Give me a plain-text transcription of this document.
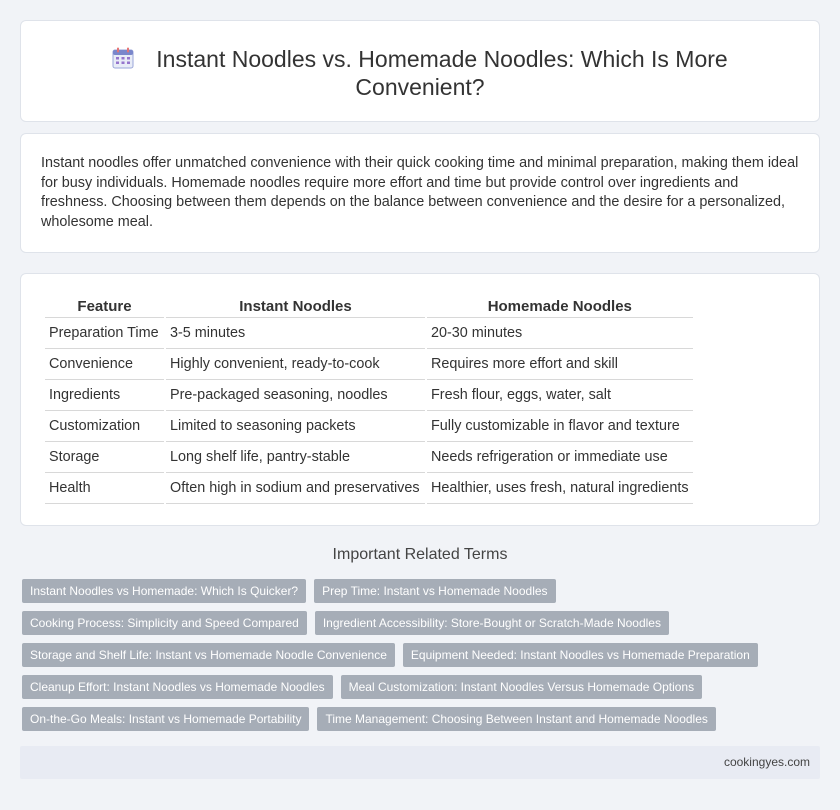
Instant Noodles vs. Homemade Noodles: Which Is More Convenient?

Instant noodles offer unmatched convenience with their quick cooking time and minimal preparation, making them ideal for busy individuals. Homemade noodles require more effort and time but provide control over ingredients and freshness. Choosing between them depends on the balance between convenience and the desire for a personalized, wholesome meal.

Feature	Instant Noodles	Homemade Noodles
Preparation Time	3-5 minutes	20-30 minutes
Convenience	Highly convenient, ready-to-cook	Requires more effort and skill
Ingredients	Pre-packaged seasoning, noodles	Fresh flour, eggs, water, salt
Customization	Limited to seasoning packets	Fully customizable in flavor and texture
Storage	Long shelf life, pantry-stable	Needs refrigeration or immediate use
Health	Often high in sodium and preservatives	Healthier, uses fresh, natural ingredients
Important Related Terms
Instant Noodles vs Homemade: Which Is Quicker?	Prep Time: Instant vs Homemade Noodles
Cooking Process: Simplicity and Speed Compared	Ingredient Accessibility: Store-Bought or Scratch-Made Noodles
Storage and Shelf Life: Instant vs Homemade Noodle Convenience	Equipment Needed: Instant Noodles vs Homemade Preparation
Cleanup Effort: Instant Noodles vs Homemade Noodles	Meal Customization: Instant Noodles Versus Homemade Options
On-the-Go Meals: Instant vs Homemade Portability	Time Management: Choosing Between Instant and Homemade Noodles
cookingyes.com
